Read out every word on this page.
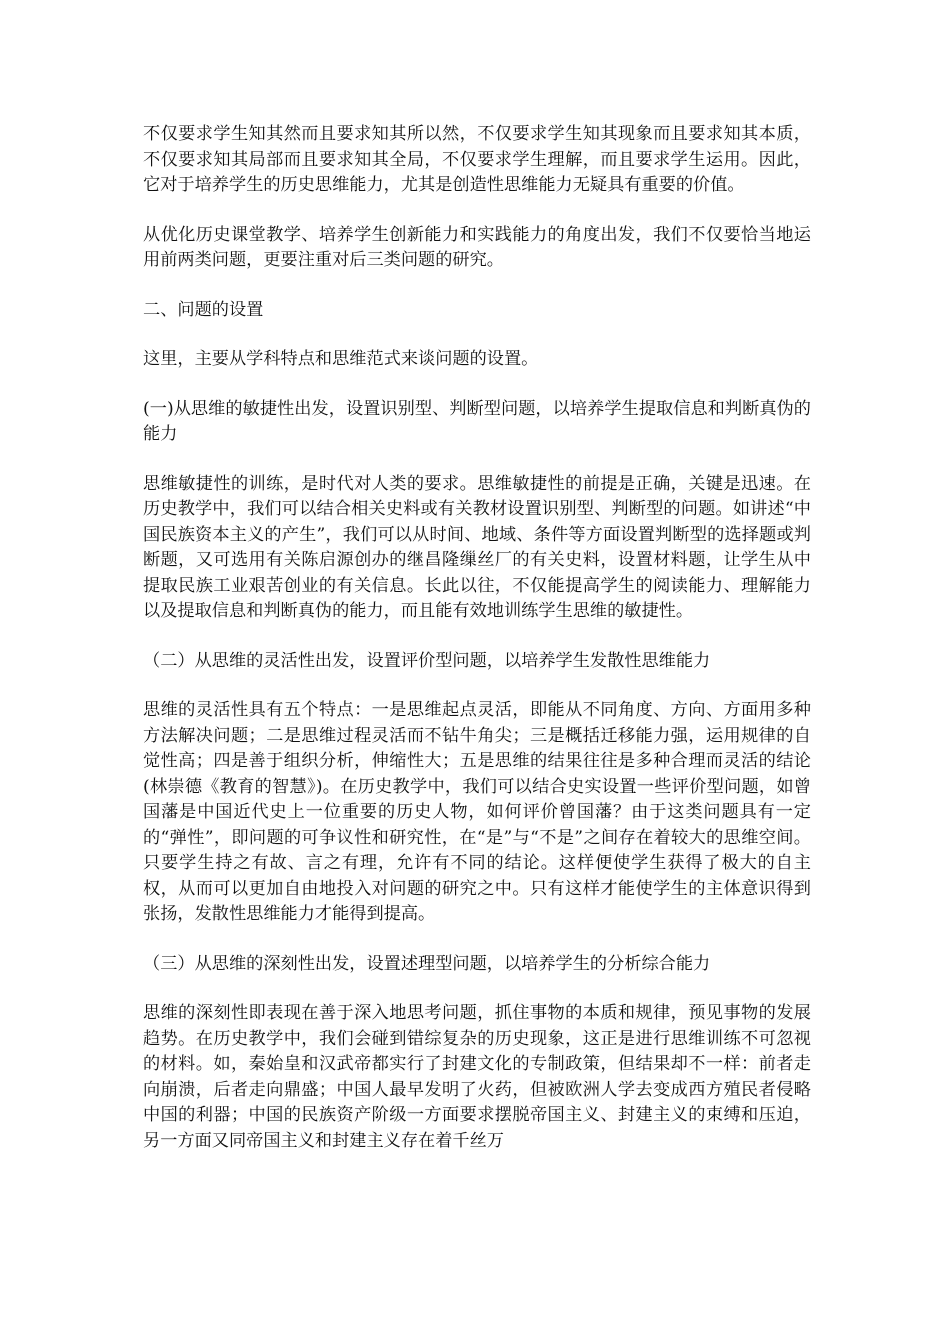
不仅要求学生知其然而且要求知其所以然，不仅要求学生知其现象而且要求知其本质，不仅要求知其局部而且要求知其全局，不仅要求学生理解，而且要求学生运用。因此，它对于培养学生的历史思维能力，尤其是创造性思维能力无疑具有重要的价值。

从优化历史课堂教学、培养学生创新能力和实践能力的角度出发，我们不仅要恰当地运用前两类问题，更要注重对后三类问题的研究。

二、问题的设置

这里，主要从学科特点和思维范式来谈问题的设置。

(一)从思维的敏捷性出发，设置识别型、判断型问题，以培养学生提取信息和判断真伪的能力

思维敏捷性的训练，是时代对人类的要求。思维敏捷性的前提是正确，关键是迅速。在历史教学中，我们可以结合相关史料或有关教材设置识别型、判断型的问题。如讲述“中国民族资本主义的产生”，我们可以从时间、地域、条件等方面设置判断型的选择题或判断题，又可选用有关陈启源创办的继昌隆缫丝厂的有关史料，设置材料题，让学生从中提取民族工业艰苦创业的有关信息。长此以往，不仅能提高学生的阅读能力、理解能力以及提取信息和判断真伪的能力，而且能有效地训练学生思维的敏捷性。

（二）从思维的灵活性出发，设置评价型问题，以培养学生发散性思维能力

思维的灵活性具有五个特点：一是思维起点灵活，即能从不同角度、方向、方面用多种方法解决问题；二是思维过程灵活而不钻牛角尖；三是概括迁移能力强，运用规律的自觉性高；四是善于组织分析，伸缩性大；五是思维的结果往往是多种合理而灵活的结论(林崇德《教育的智慧》)。在历史教学中，我们可以结合史实设置一些评价型问题，如曾国藩是中国近代史上一位重要的历史人物，如何评价曾国藩？由于这类问题具有一定的“弹性”，即问题的可争议性和研究性，在“是”与“不是”之间存在着较大的思维空间。只要学生持之有故、言之有理，允许有不同的结论。这样便使学生获得了极大的自主权，从而可以更加自由地投入对问题的研究之中。只有这样才能使学生的主体意识得到张扬，发散性思维能力才能得到提高。

（三）从思维的深刻性出发，设置述理型问题，以培养学生的分析综合能力

思维的深刻性即表现在善于深入地思考问题，抓住事物的本质和规律，预见事物的发展趋势。在历史教学中，我们会碰到错综复杂的历史现象，这正是进行思维训练不可忽视的材料。如，秦始皇和汉武帝都实行了封建文化的专制政策，但结果却不一样：前者走向崩溃，后者走向鼎盛；中国人最早发明了火药，但被欧洲人学去变成西方殖民者侵略中国的利器；中国的民族资产阶级一方面要求摆脱帝国主义、封建主义的束缚和压迫，另一方面又同帝国主义和封建主义存在着千丝万
